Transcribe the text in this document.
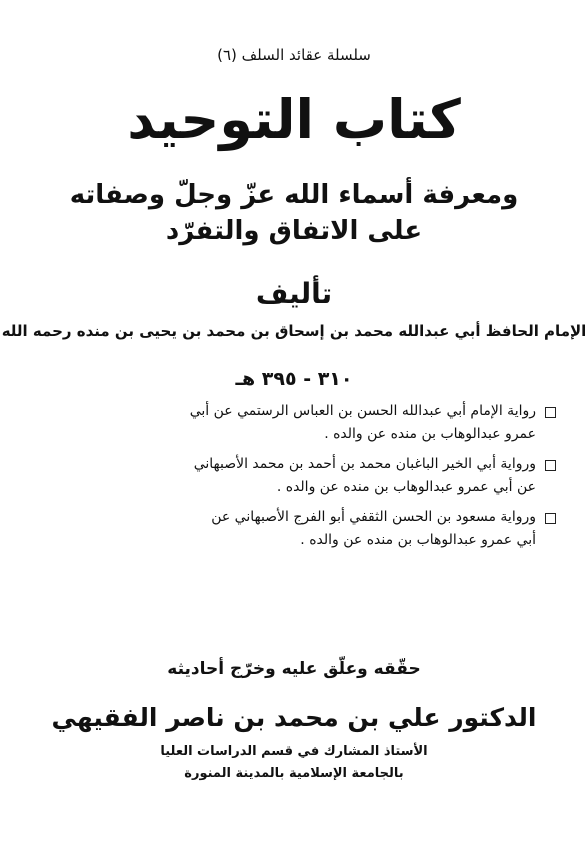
سلسلة عقائد السلف (٦)
كتاب التوحيد
ومعرفة أسماء الله عزّ وجلّ وصفاته
على الاتفاق والتفرّد
تأليف
الإمام الحافظ أبي عبدالله محمد بن إسحاق بن محمد بن يحيى بن منده رحمه الله
٣١٠ - ٣٩٥ هـ
رواية الإمام أبي عبدالله الحسن بن العباس الرستمي عن أبي
عمرو عبدالوهاب بن منده عن والده .
ورواية أبي الخير الباغبان محمد بن أحمد بن محمد الأصبهاني
عن أبي عمرو عبدالوهاب بن منده عن والده .
ورواية مسعود بن الحسن الثقفي أبو الفرج الأصبهاني عن
أبي عمرو عبدالوهاب بن منده عن والده .
حقّقه وعلّق عليه وخرّج أحاديثه
الدكتور علي بن محمد بن ناصر الفقيهي
الأستاذ المشارك في قسم الدراسات العليا
بالجامعة الإسلامية بالمدينة المنورة
